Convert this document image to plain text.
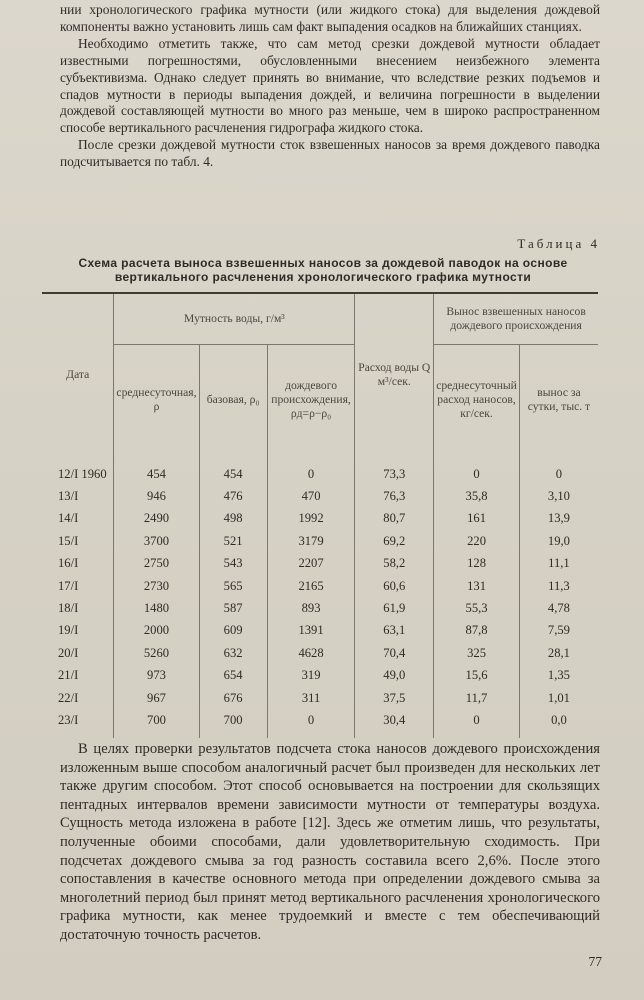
нии хронологического графика мутности (или жидкого стока) для выделения дождевой компоненты важно установить лишь сам факт выпадения осадков на ближайших станциях.

Необходимо отметить также, что сам метод срезки дождевой мутности обладает известными погрешностями, обусловленными внесением неизбежного элемента субъективизма. Однако следует принять во внимание, что вследствие резких подъемов и спадов мутности в периоды выпадения дождей, и величина погрешности в выделении дождевой составляющей мутности во много раз меньше, чем в широко распространенном способе вертикального расчленения гидрографа жидкого стока.

После срезки дождевой мутности сток взвешенных наносов за время дождевого паводка подсчитывается по табл. 4.

Таблица 4
Схема расчета выноса взвешенных наносов за дождевой паводок на основе вертикального расчленения хронологического графика мутности
Дата	Мутность воды, г/м³			Расход воды Q м³/сек.	Вынос взвешенных наносов дождевого происхождения	
	среднесуточная, ρ	базовая, ρ₀	дождевого происхождения, ρд=ρ−ρ₀		среднесуточный расход наносов, кг/сек.	вынос за сутки, тыс. т

12/I 1960	454	454	0	73,3	0	0
13/I	946	476	470	76,3	35,8	3,10
14/I	2490	498	1992	80,7	161	13,9
15/I	3700	521	3179	69,2	220	19,0
16/I	2750	543	2207	58,2	128	11,1
17/I	2730	565	2165	60,6	131	11,3
18/I	1480	587	893	61,9	55,3	4,78
19/I	2000	609	1391	63,1	87,8	7,59
20/I	5260	632	4628	70,4	325	28,1
21/I	973	654	319	49,0	15,6	1,35
22/I	967	676	311	37,5	11,7	1,01
23/I	700	700	0	30,4	0	0,0

В целях проверки результатов подсчета стока наносов дождевого происхождения изложенным выше способом аналогичный расчет был произведен для нескольких лет также другим способом. Этот способ основывается на построении для скользящих пентадных интервалов времени зависимости мутности от температуры воздуха. Сущность метода изложена в работе [12]. Здесь же отметим лишь, что результаты, полученные обоими способами, дали удовлетворительную сходимость. При подсчетах дождевого смыва за год разность составила всего 2,6%. После этого сопоставления в качестве основного метода при определении дождевого смыва за многолетний период был принят метод вертикального расчленения хронологического графика мутности, как менее трудоемкий и вместе с тем обеспечивающий достаточную точность расчетов.

77
